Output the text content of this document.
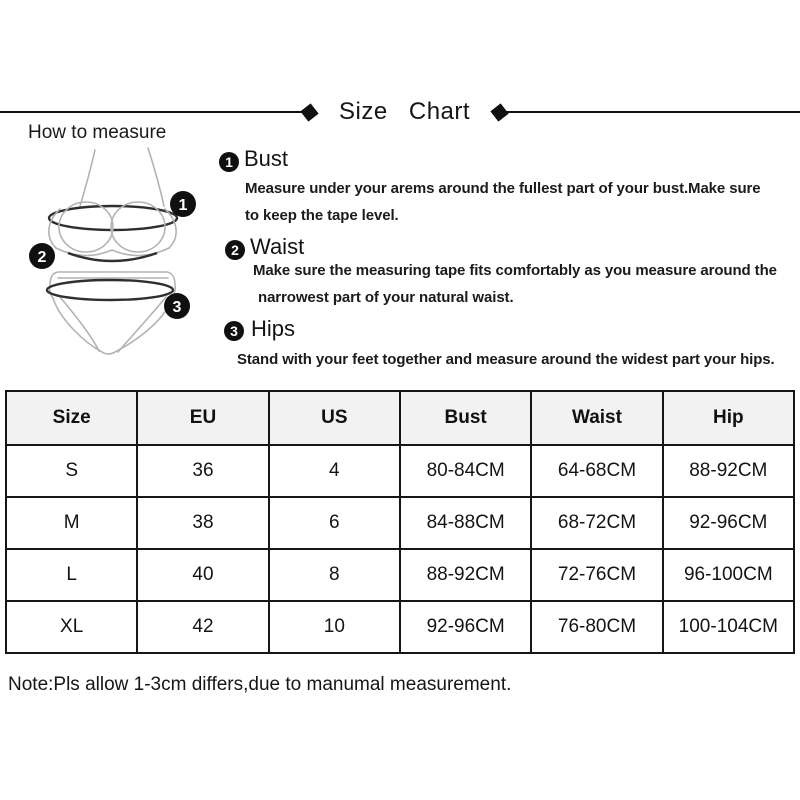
Size Chart
How to measure
1
2
3
1 Bust
Measure under your arems around the fullest part of your bust.Make sure
to keep the tape level.
2 Waist
Make sure the measuring tape fits comfortably as you measure around the
narrowest part of your natural waist.
3 Hips
Stand with your feet together and measure around the widest part your hips.
Size	EU	US	Bust	Waist	Hip
S	36	4	80-84CM	64-68CM	88-92CM
M	38	6	84-88CM	68-72CM	92-96CM
L	40	8	88-92CM	72-76CM	96-100CM
XL	42	10	92-96CM	76-80CM	100-104CM
Note:Pls allow 1-3cm differs,due to manumal measurement.
